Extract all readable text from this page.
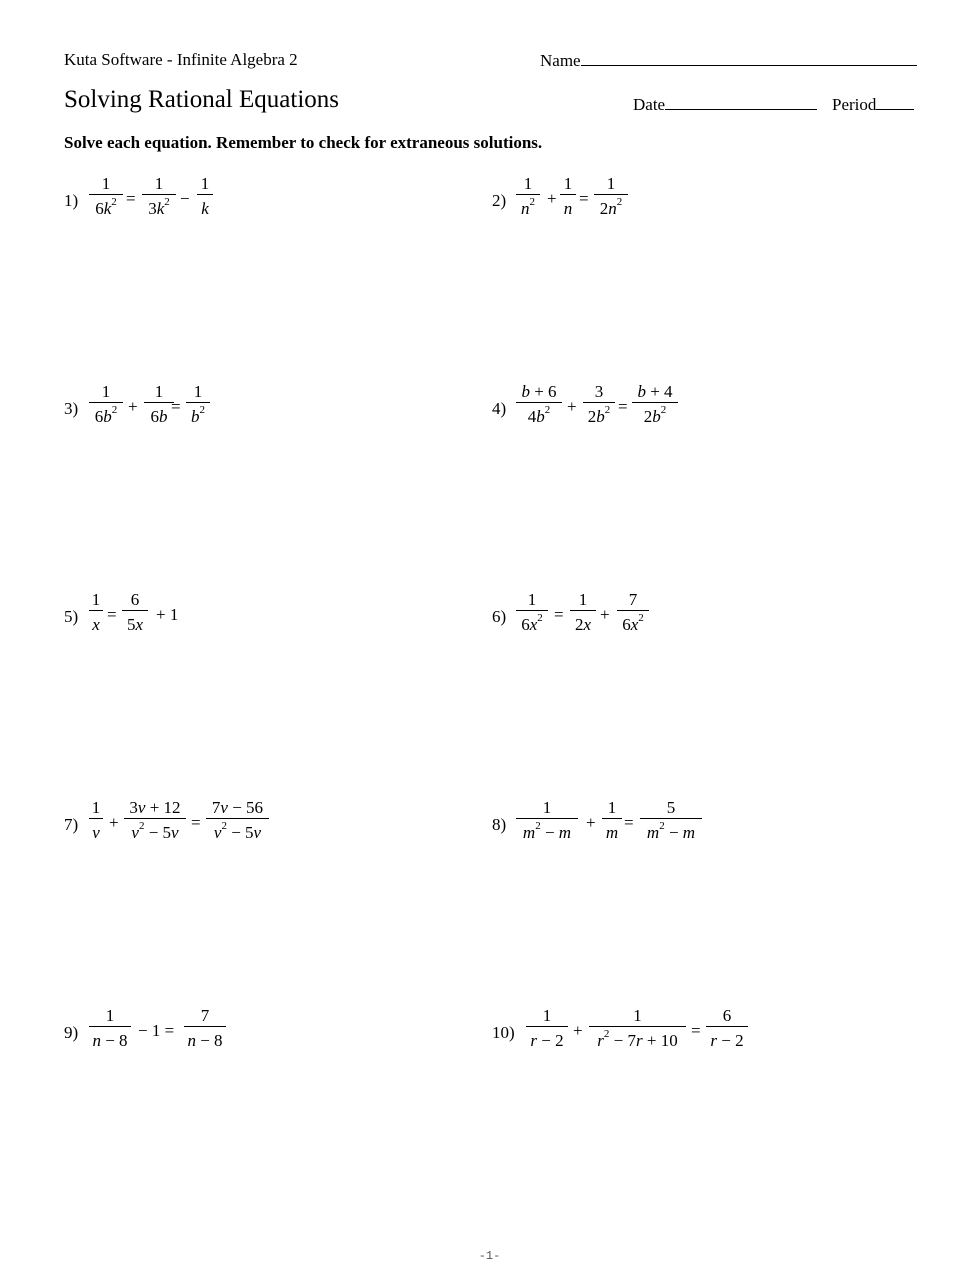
Kuta Software - Infinite Algebra 2	Name
Solving Rational Equations	Date	Period
Solve each equation. Remember to check for extraneous solutions.
1)
1
$6k^2$ =
1
$3k^2$ −
1
k	2)
1
$n^2$ +
1
n
=
1
$2n^2$
3)
1
$6b^2$ +
1
6b
=
1
$b^2$	4)
b + 6
$4b^2$ +
3
$2b^2$ =
b + 4
$2b^2$
5)
1
x
=
6
5x
+ 1	6)
1
$6x^2$ =
1
2x
+
7
$6x^2$
7)
1
v
+
3v + 12
$v^2 - 5v$
=
7v − 56
$v^2 - 5v$	8)
1
$m^2 - m$
+
1
m
=
5
$m^2 - m$
9)
1
n − 8
− 1 =
7
n − 8	10)
1
r − 2
+
1
$r^2 - 7r + 10$
=
6
r − 2
-1-
